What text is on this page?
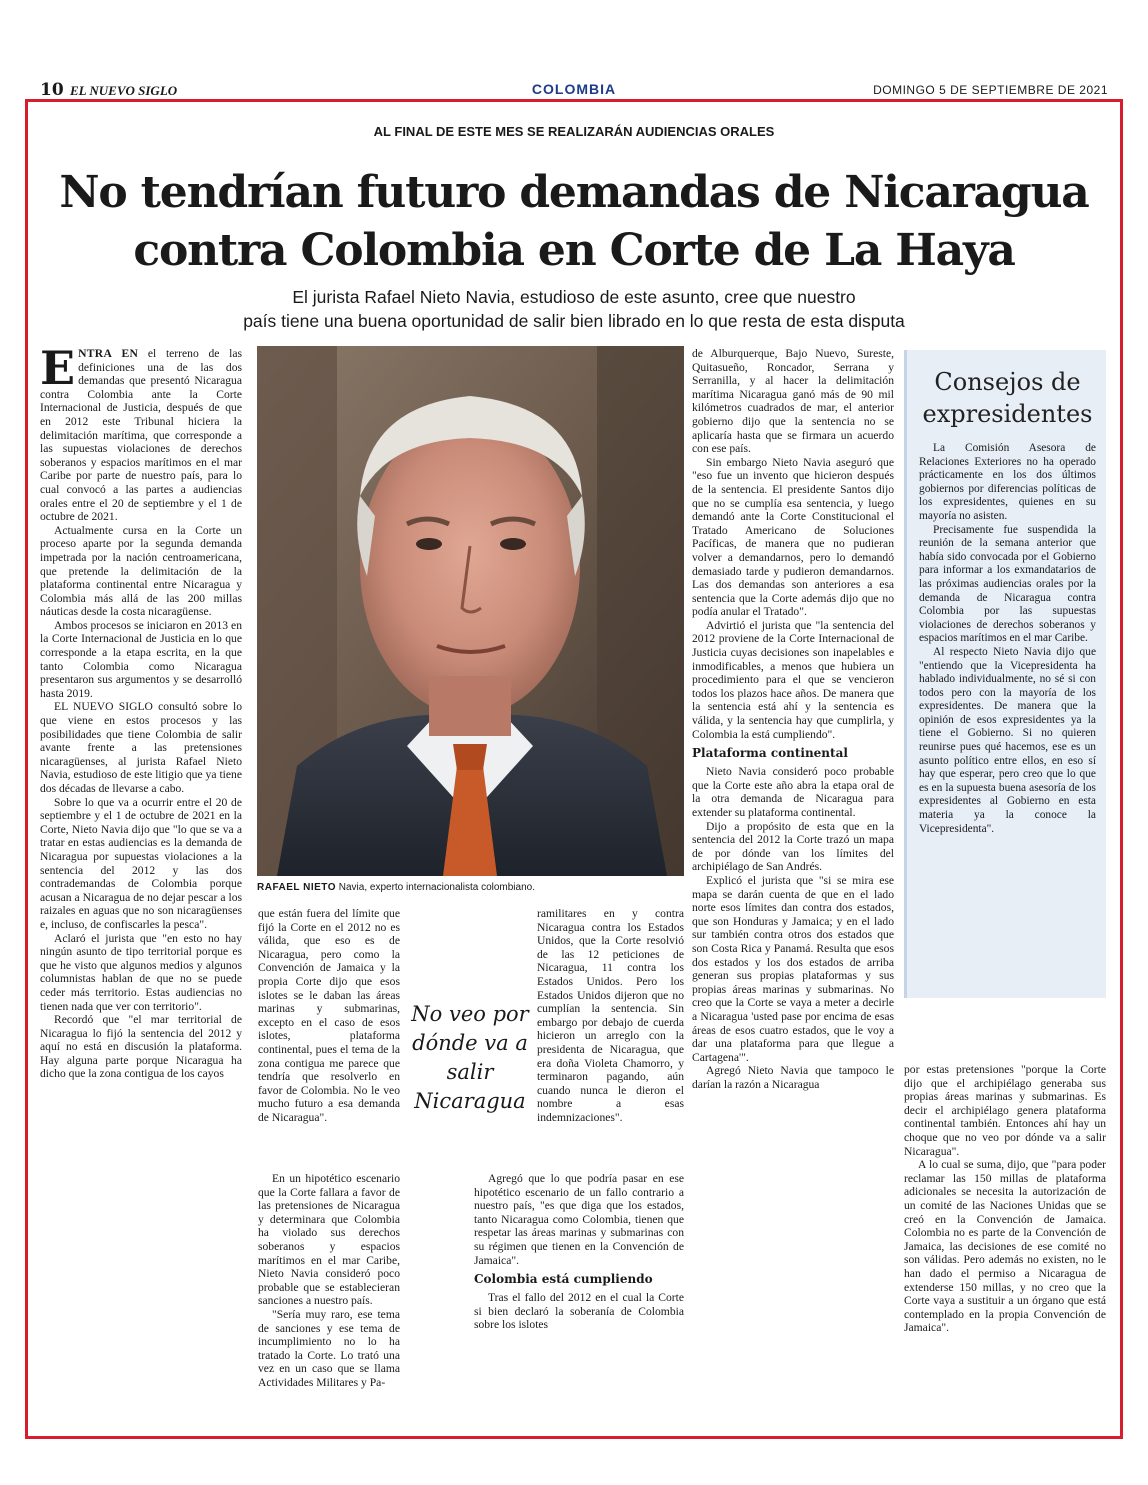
10 EL NUEVO SIGLO	COLOMBIA	DOMINGO 5 DE SEPTIEMBRE DE 2021
AL FINAL DE ESTE MES SE REALIZARÁN AUDIENCIAS ORALES
No tendrían futuro demandas de Nicaragua
contra Colombia en Corte de La Haya
El jurista Rafael Nieto Navia, estudioso de este asunto, cree que nuestro
país tiene una buena oportunidad de salir bien librado en lo que resta de esta disputa

ENTRA EN el terreno de las definiciones una de las dos demandas que presentó Nicaragua contra Colombia ante la Corte Internacional de Justicia, después de que en 2012 este Tribunal hiciera la delimitación marítima, que corresponde a las supuestas violaciones de derechos soberanos y espacios marítimos en el mar Caribe por parte de nuestro país, para lo cual convocó a las partes a audiencias orales entre el 20 de septiembre y el 1 de octubre de 2021.

Actualmente cursa en la Corte un proceso aparte por la segunda demanda impetrada por la nación centroamericana, que pretende la delimitación de la plataforma continental entre Nicaragua y Colombia más allá de las 200 millas náuticas desde la costa nicaragüense.

Ambos procesos se iniciaron en 2013 en la Corte Internacional de Justicia en lo que corresponde a la etapa escrita, en la que tanto Colombia como Nicaragua presentaron sus argumentos y se desarrolló hasta 2019.

EL NUEVO SIGLO consultó sobre lo que viene en estos procesos y las posibilidades que tiene Colombia de salir avante frente a las pretensiones nicaragüenses, al jurista Rafael Nieto Navia, estudioso de este litigio que ya tiene dos décadas de llevarse a cabo.

Sobre lo que va a ocurrir entre el 20 de septiembre y el 1 de octubre de 2021 en la Corte, Nieto Navia dijo que "lo que se va a tratar en estas audiencias es la demanda de Nicaragua por supuestas violaciones a la sentencia del 2012 y las dos contrademandas de Colombia porque acusan a Nicaragua de no dejar pescar a los raizales en aguas que no son nicaragüenses e, incluso, de confiscarles la pesca".

Aclaró el jurista que "en esto no hay ningún asunto de tipo territorial porque es que he visto que algunos medios y algunos columnistas hablan de que no se puede ceder más territorio. Estas audiencias no tienen nada que ver con territorio".

Recordó que "el mar territorial de Nicaragua lo fijó la sentencia del 2012 y aquí no está en discusión la plataforma. Hay alguna parte porque Nicaragua ha dicho que la zona contigua de los cayos

RAFAEL NIETO Navia, experto internacionalista colombiano.

que están fuera del límite que fijó la Corte en el 2012 no es válida, que eso es de Nicaragua, pero como la Convención de Jamaica y la propia Corte dijo que esos islotes se le daban las áreas marinas y submarinas, excepto en el caso de esos islotes, plataforma continental, pues el tema de la zona contigua me parece que tendría que resolverlo en favor de Colombia. No le veo mucho futuro a esa demanda de Nicaragua".

En un hipotético escenario que la Corte fallara a favor de las pretensiones de Nicaragua y determinara que Colombia ha violado sus derechos soberanos y espacios marítimos en el mar Caribe, Nieto Navia consideró poco probable que se establecieran sanciones a nuestro país.

"Sería muy raro, ese tema de sanciones y ese tema de incumplimiento no lo ha tratado la Corte. Lo trató una vez en un caso que se llama Actividades Militares y Pa-

No veo por dónde va a salir Nicaragua

ramilitares en y contra Nicaragua contra los Estados Unidos, que la Corte resolvió de las 12 peticiones de Nicaragua, 11 contra los Estados Unidos. Pero los Estados Unidos dijeron que no cumplían la sentencia. Sin embargo por debajo de cuerda hicieron un arreglo con la presidenta de Nicaragua, que era doña Violeta Chamorro, y terminaron pagando, aún cuando nunca le dieron el nombre a esas indemnizaciones".

Agregó que lo que podría pasar en ese hipotético escenario de un fallo contrario a nuestro país, "es que diga que los estados, tanto Nicaragua como Colombia, tienen que respetar las áreas marinas y submarinas con su régimen que tienen en la Convención de Jamaica".

Colombia está cumpliendo

Tras el fallo del 2012 en el cual la Corte si bien declaró la soberanía de Colombia sobre los islotes

de Alburquerque, Bajo Nuevo, Sureste, Quitasueño, Roncador, Serrana y Serranilla, y al hacer la delimitación marítima Nicaragua ganó más de 90 mil kilómetros cuadrados de mar, el anterior gobierno dijo que la sentencia no se aplicaría hasta que se firmara un acuerdo con ese país.

Sin embargo Nieto Navia aseguró que "eso fue un invento que hicieron después de la sentencia. El presidente Santos dijo que no se cumplía esa sentencia, y luego demandó ante la Corte Constitucional el Tratado Americano de Soluciones Pacíficas, de manera que no pudieran volver a demandarnos, pero lo demandó demasiado tarde y pudieron demandarnos. Las dos demandas son anteriores a esa sentencia que la Corte además dijo que no podía anular el Tratado".

Advirtió el jurista que "la sentencia del 2012 proviene de la Corte Internacional de Justicia cuyas decisiones son inapelables e inmodificables, a menos que hubiera un procedimiento para el que se vencieron todos los plazos hace años. De manera que la sentencia está ahí y la sentencia es válida, y la sentencia hay que cumplirla, y Colombia la está cumpliendo".

Plataforma continental

Nieto Navia consideró poco probable que la Corte este año abra la etapa oral de la otra demanda de Nicaragua para extender su plataforma continental.

Dijo a propósito de esta que en la sentencia del 2012 la Corte trazó un mapa de por dónde van los límites del archipiélago de San Andrés.

Explicó el jurista que "si se mira ese mapa se darán cuenta de que en el lado norte esos límites dan contra dos estados, que son Honduras y Jamaica; y en el lado sur también contra otros dos estados que son Costa Rica y Panamá. Resulta que esos dos estados y los dos estados de arriba generan sus propias plataformas y sus propias áreas marinas y submarinas. No creo que la Corte se vaya a meter a decirle a Nicaragua 'usted pase por encima de esas áreas de esos cuatro estados, que le voy a dar una plataforma para que llegue a Cartagena'".

Agregó Nieto Navia que tampoco le darían la razón a Nicaragua

Consejos de
expresidentes

La Comisión Asesora de Relaciones Exteriores no ha operado prácticamente en los dos últimos gobiernos por diferencias políticas de los expresidentes, quienes en su mayoría no asisten.

Precisamente fue suspendida la reunión de la semana anterior que había sido convocada por el Gobierno para informar a los exmandatarios de las próximas audiencias orales por la demanda de Nicaragua contra Colombia por las supuestas violaciones de derechos soberanos y espacios marítimos en el mar Caribe.

Al respecto Nieto Navia dijo que "entiendo que la Vicepresidenta ha hablado individualmente, no sé si con todos pero con la mayoría de los expresidentes. De manera que la opinión de esos expresidentes ya la tiene el Gobierno. Si no quieren reunirse pues qué hacemos, ese es un asunto político entre ellos, en eso sí hay que esperar, pero creo que lo que es en la supuesta buena asesoría de los expresidentes al Gobierno en esta materia ya la conoce la Vicepresidenta".

por estas pretensiones "porque la Corte dijo que el archipiélago generaba sus propias áreas marinas y submarinas. Es decir el archipiélago genera plataforma continental también. Entonces ahí hay un choque que no veo por dónde va a salir Nicaragua".

A lo cual se suma, dijo, que "para poder reclamar las 150 millas de plataforma adicionales se necesita la autorización de un comité de las Naciones Unidas que se creó en la Convención de Jamaica. Colombia no es parte de la Convención de Jamaica, las decisiones de ese comité no son válidas. Pero además no existen, no le han dado el permiso a Nicaragua de extenderse 150 millas, y no creo que la Corte vaya a sustituir a un órgano que está contemplado en la propia Convención de Jamaica".
